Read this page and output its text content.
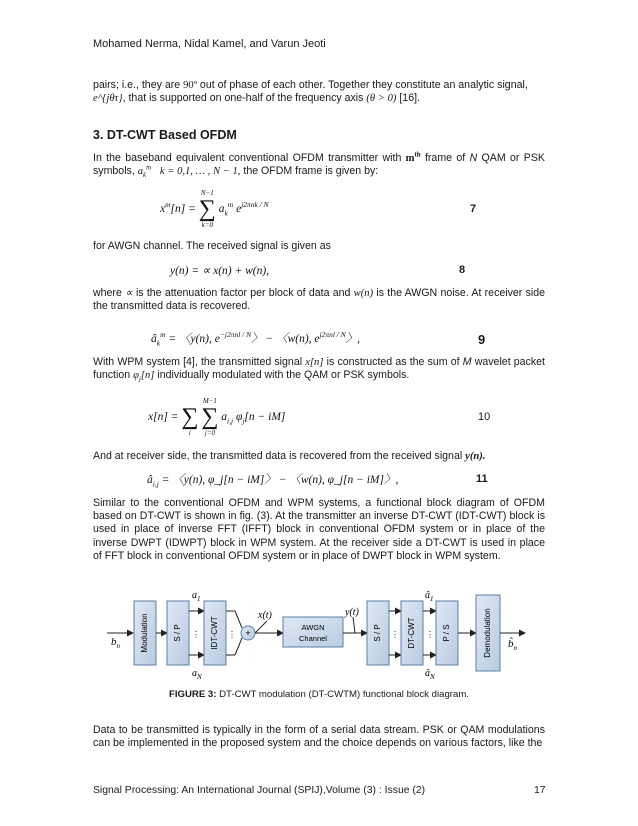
Mohamed Nerma, Nidal Kamel, and Varun Jeoti

pairs; i.e., they are 90º out of phase of each other. Together they constitute an analytic signal,
e^{jθτ}, that is supported on one-half of the frequency axis (θ > 0) [16].

3. DT-CWT Based OFDM

In the baseband equivalent conventional OFDM transmitter with $m^{th}$ frame of N QAM or PSK symbols, $a_k^m$ k = 0,1, … , N − 1, the OFDM frame is given by:

$x^m[n]$ =
N−1
∑
k=0
$a_k^m$ $e^{j2\pi nk / N}$	7

for AWGN channel. The received signal is given as

y(n) = ∝ x(n) + w(n),	8

where ∝ is the attenuation factor per block of data and w(n) is the AWGN noise. At receiver side the transmitted data is recovered.

$â_k^m$ = 〈y(n), $e^{-j2\pi nl / N}$〉 − 〈w(n), $e^{j2\pi nl / N}$〉,	9

With WPM system [4], the transmitted signal x[n] is constructed as the sum of M wavelet packet function $\varphi_j[n]$ individually modulated with the QAM or PSK symbols.

x[n] =
∑
i

M−1
∑
j=0
$a_{i,j}$ $\varphi_j[n - iM]$	10

And at receiver side, the transmitted data is recovered from the received signal y(n).

$â_{i,j}$ = 〈y(n), φ_j[n − iM]〉 − 〈w(n), φ_j[n − iM]〉,	11

Similar to the conventional OFDM and WPM systems, a functional block diagram of OFDM based on DT-CWT is shown in fig. (3). At the transmitter an inverse DT-CWT (IDT-CWT) block is used in place of inverse FFT (IFFT) block in conventional OFDM system or in place of the inverse DWPT (IDWPT) block in WPM system. At the receiver side a DT-CWT is used in place of FFT block in conventional OFDM system or in place of DWPT block in WPM system.

$b_n$	Modulation	S / P ⋮
$a_1$
$a_N$
IDT-CWT ⋮ +
x(t)
AWGN
Channel
y(t)
S / P ⋮ DT-CWT ⋮
$â_1$
$â_N$
P / S	Demodulation $b̂_n$
FIGURE 3: DT-CWT modulation (DT-CWTM) functional block diagram.

Data to be transmitted is typically in the form of a serial data stream. PSK or QAM modulations can be implemented in the proposed system and the choice depends on various factors, like the

Signal Processing: An International Journal (SPIJ),Volume (3) : Issue (2)	17
